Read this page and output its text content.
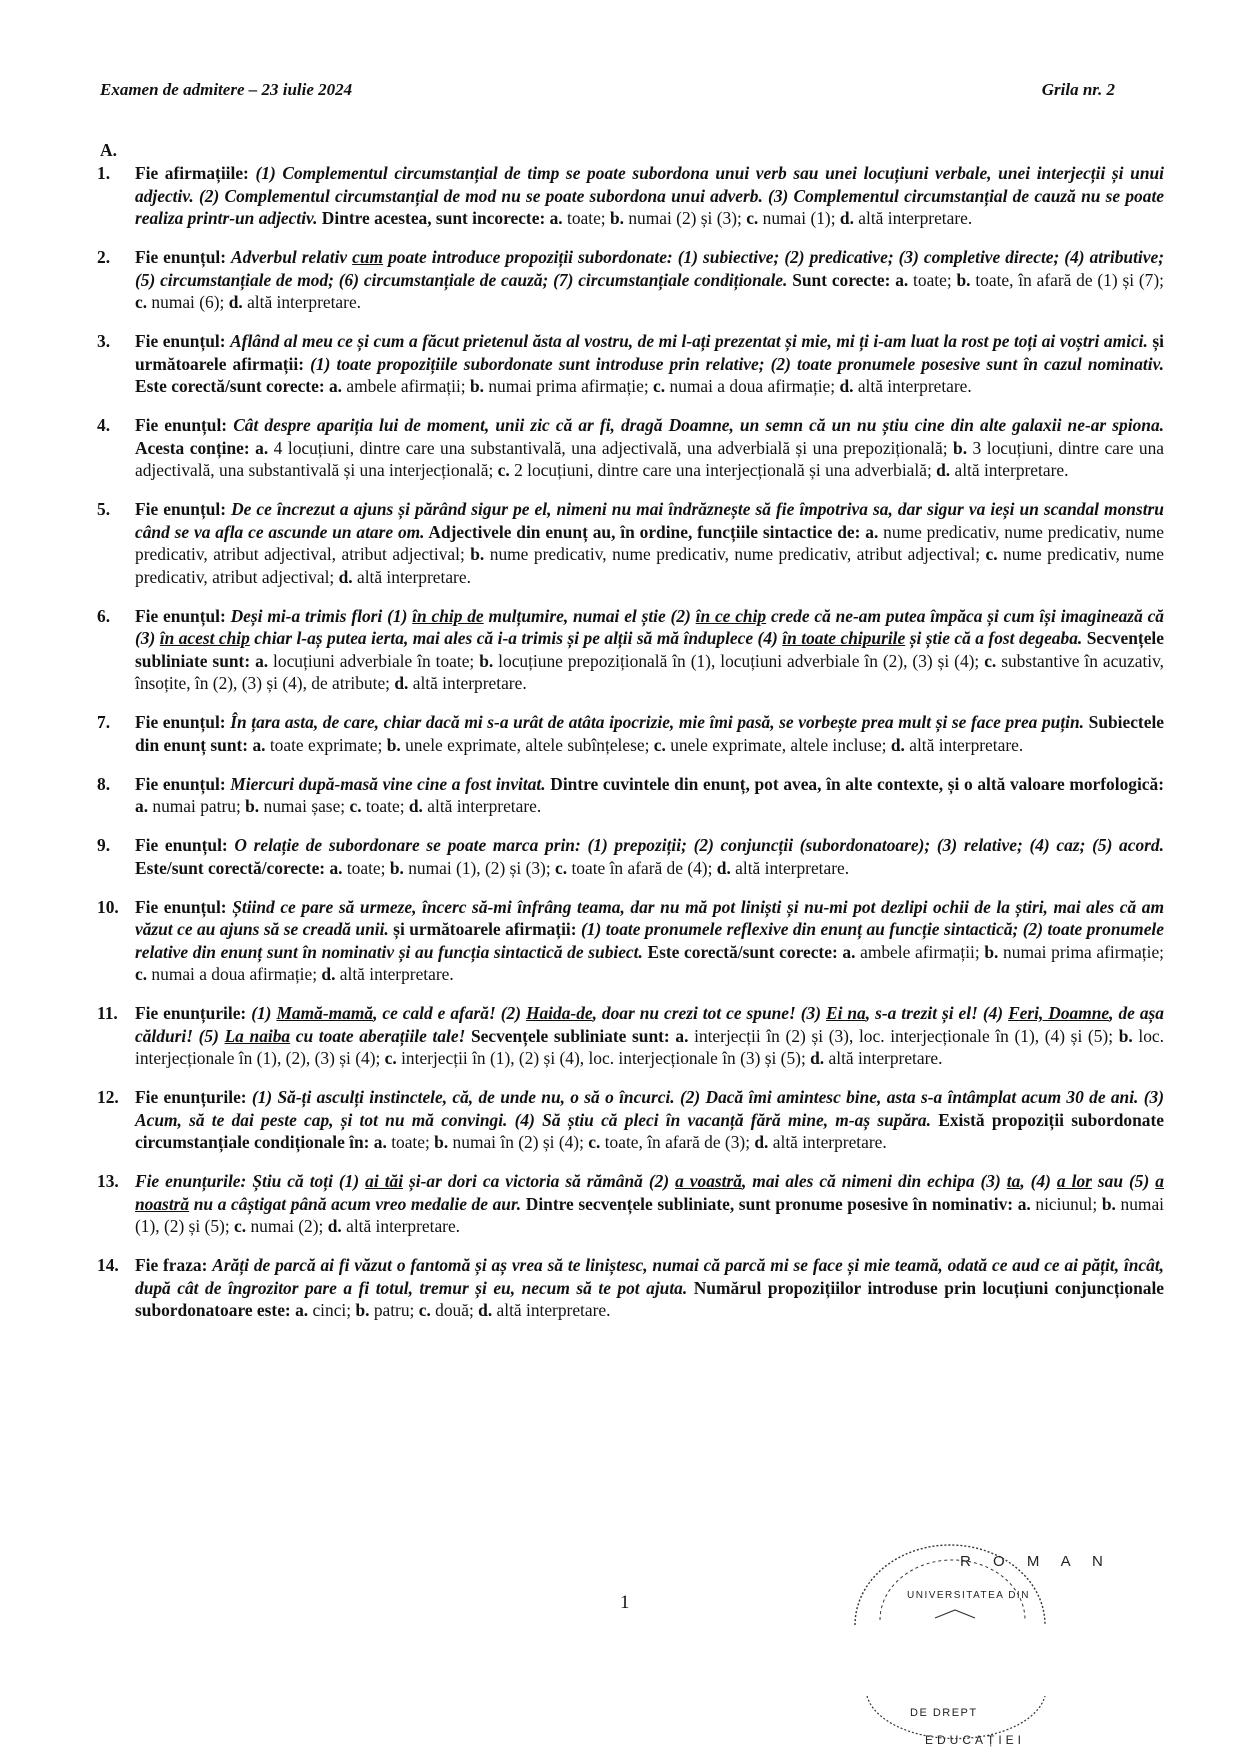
Examen de admitere – 23 iulie 2024	Grila nr. 2
A.
1.	Fie afirmațiile: (1) Complementul circumstanțial de timp se poate subordona unui verb sau unei locuțiuni verbale, unei interjecții și unui adjectiv. (2) Complementul circumstanțial de mod nu se poate subordona unui adverb. (3) Complementul circumstanțial de cauză nu se poate realiza printr-un adjectiv. Dintre acestea, sunt incorecte: a. toate; b. numai (2) și (3); c. numai (1); d. altă interpretare.
2.	Fie enunțul: Adverbul relativ cum poate introduce propoziții subordonate: (1) subiective; (2) predicative; (3) completive directe; (4) atributive; (5) circumstanțiale de mod; (6) circumstanțiale de cauză; (7) circumstanțiale condiționale. Sunt corecte: a. toate; b. toate, în afară de (1) și (7); c. numai (6); d. altă interpretare.
3.	Fie enunțul: Aflând al meu ce și cum a făcut prietenul ăsta al vostru, de mi l-ați prezentat și mie, mi ți i-am luat la rost pe toți ai voștri amici. și următoarele afirmații: (1) toate propozițiile subordonate sunt introduse prin relative; (2) toate pronumele posesive sunt în cazul nominativ. Este corectă/sunt corecte: a. ambele afirmații; b. numai prima afirmație; c. numai a doua afirmație; d. altă interpretare.
4.	Fie enunțul: Cât despre apariția lui de moment, unii zic că ar fi, dragă Doamne, un semn că un nu știu cine din alte galaxii ne-ar spiona. Acesta conține: a. 4 locuțiuni, dintre care una substantivală, una adjectivală, una adverbială și una prepozițională; b. 3 locuțiuni, dintre care una adjectivală, una substantivală și una interjecțională; c. 2 locuțiuni, dintre care una interjecțională și una adverbială; d. altă interpretare.
5.	Fie enunțul: De ce încrezut a ajuns și părând sigur pe el, nimeni nu mai îndrăznește să fie împotriva sa, dar sigur va ieși un scandal monstru când se va afla ce ascunde un atare om. Adjectivele din enunț au, în ordine, funcțiile sintactice de: a. nume predicativ, nume predicativ, nume predicativ, atribut adjectival, atribut adjectival; b. nume predicativ, nume predicativ, nume predicativ, atribut adjectival; c. nume predicativ, nume predicativ, atribut adjectival; d. altă interpretare.
6.	Fie enunțul: Deși mi-a trimis flori (1) în chip de mulțumire, numai el știe (2) în ce chip crede că ne-am putea împăca și cum își imaginează că (3) în acest chip chiar l-aș putea ierta, mai ales că i-a trimis și pe alții să mă înduplece (4) în toate chipurile și știe că a fost degeaba. Secvențele subliniate sunt: a. locuțiuni adverbiale în toate; b. locuțiune prepozițională în (1), locuțiuni adverbiale în (2), (3) și (4); c. substantive în acuzativ, însoțite, în (2), (3) și (4), de atribute; d. altă interpretare.
7.	Fie enunțul: În țara asta, de care, chiar dacă mi s-a urât de atâta ipocrizie, mie îmi pasă, se vorbește prea mult și se face prea puțin. Subiectele din enunț sunt: a. toate exprimate; b. unele exprimate, altele subînțelese; c. unele exprimate, altele incluse; d. altă interpretare.
8.	Fie enunțul: Miercuri după-masă vine cine a fost invitat. Dintre cuvintele din enunț, pot avea, în alte contexte, și o altă valoare morfologică: a. numai patru; b. numai șase; c. toate; d. altă interpretare.
9.	Fie enunțul: O relație de subordonare se poate marca prin: (1) prepoziții; (2) conjuncții (subordonatoare); (3) relative; (4) caz; (5) acord. Este/sunt corectă/corecte: a. toate; b. numai (1), (2) și (3); c. toate în afară de (4); d. altă interpretare.
10. Fie enunțul: Știind ce pare să urmeze, încerc să-mi înfrâng teama, dar nu mă pot liniști și nu-mi pot dezlipi ochii de la știri, mai ales că am văzut ce au ajuns să se creadă unii. și următoarele afirmații: (1) toate pronumele reflexive din enunț au funcție sintactică; (2) toate pronumele relative din enunț sunt în nominativ și au funcția sintactică de subiect. Este corectă/sunt corecte: a. ambele afirmații; b. numai prima afirmație; c. numai a doua afirmație; d. altă interpretare.
11. Fie enunțurile: (1) Mamă-mamă, ce cald e afară! (2) Haida-de, doar nu crezi tot ce spune! (3) Ei na, s-a trezit și el! (4) Feri, Doamne, de așa călduri! (5) La naiba cu toate aberațiile tale! Secvențele subliniate sunt: a. interjecții în (2) și (3), loc. interjecționale în (1), (4) și (5); b. loc. interjecționale în (1), (2), (3) și (4); c. interjecții în (1), (2) și (4), loc. interjecționale în (3) și (5); d. altă interpretare.
12. Fie enunțurile: (1) Să-ți asculți instinctele, că, de unde nu, o să o încurci. (2) Dacă îmi amintesc bine, asta s-a întâmplat acum 30 de ani. (3) Acum, să te dai peste cap, și tot nu mă convingi. (4) Să știu că pleci în vacanță fără mine, m-aș supăra. Există propoziții subordonate circumstanțiale condiționale în: a. toate; b. numai în (2) și (4); c. toate, în afară de (3); d. altă interpretare.
13. Fie enunțurile: Știu că toți (1) ai tăi și-ar dori ca victoria să rămână (2) a voastră, mai ales că nimeni din echipa (3) ta, (4) a lor sau (5) a noastră nu a câștigat până acum vreo medalie de aur. Dintre secvențele subliniate, sunt pronume posesive în nominativ: a. niciunul; b. numai (1), (2) și (5); c. numai (2); d. altă interpretare.
14. Fie fraza: Arăți de parcă ai fi văzut o fantomă și aș vrea să te liniștesc, numai că parcă mi se face și mie teamă, odată ce aud ce ai pățit, încât, după cât de îngrozitor pare a fi totul, tremur și eu, necum să te pot ajuta. Numărul propozițiilor introduse prin locuțiuni conjuncționale subordonatoare este: a. cinci; b. patru; c. două; d. altă interpretare.
1
R O M A N
UNIVERSITATEA DIN
DE DREPT
EDUCAȚIEI
